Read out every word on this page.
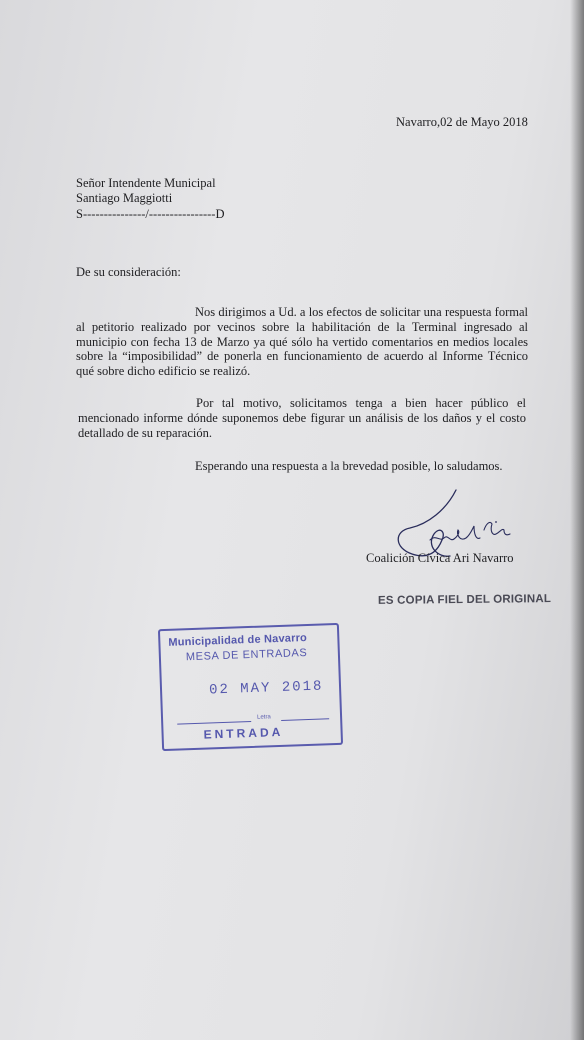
Navarro,02 de Mayo 2018
Señor Intendente Municipal
Santiago Maggiotti
S---------------/----------------D
De su consideración:
Nos dirigimos a Ud. a los efectos de solicitar una respuesta formal
al petitorio realizado por vecinos sobre la habilitación de la Terminal ingresado al
municipio con fecha 13 de Marzo ya qué sólo ha vertido comentarios en medios locales
sobre la “imposibilidad” de ponerla en funcionamiento de acuerdo al Informe Técnico
qué sobre dicho edificio se realizó.
Por tal motivo, solicitamos tenga a bien hacer público el
mencionado informe dónde suponemos debe figurar un análisis de los daños y el costo
detallado de su reparación.
Esperando una respuesta a la brevedad posible, lo saludamos.
Coalición Cívica Ari Navarro
ES COPIA FIEL DEL ORIGINAL
Municipalidad de Navarro
MESA DE ENTRADAS
02 MAY 2018
Letra
ENTRADA
